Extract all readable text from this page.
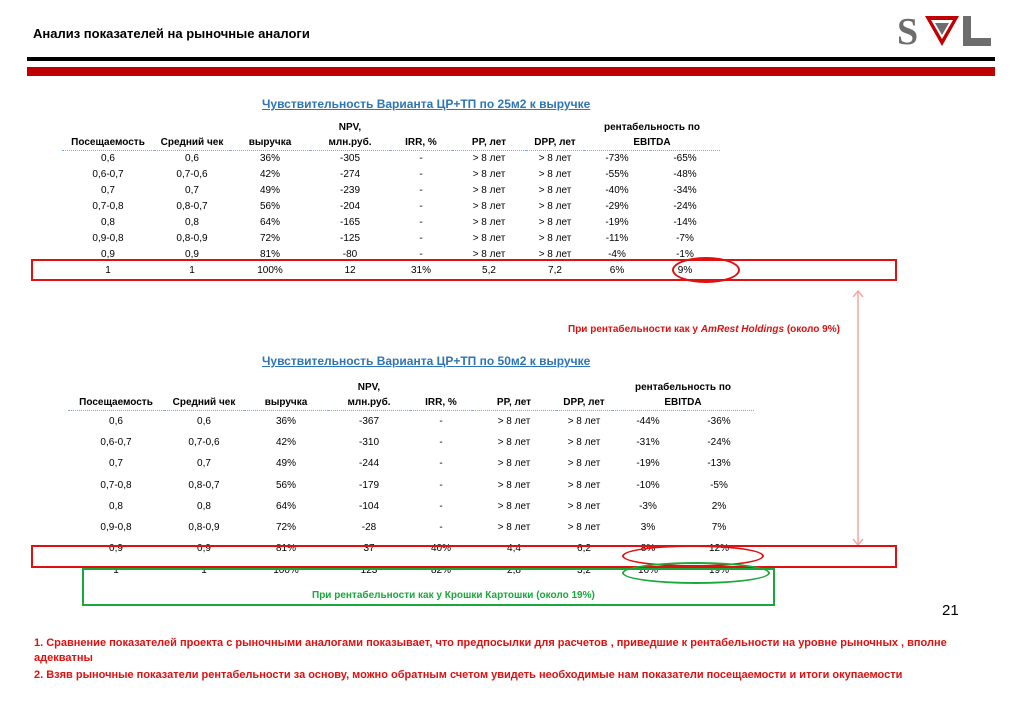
Анализ показателей на рыночные аналоги	S
Чувствительность Варианта ЦР+ТП по 25м2 к выручке
			NPV,				рентабельность по	
Посещаемость	Средний чек	выручка	млн.руб.	IRR, %	PP, лет	DPP, лет	EBITDA	
0,6	0,6	36%	-305	-	> 8 лет	> 8 лет	-73%	-65%
0,6-0,7	0,7-0,6	42%	-274	-	> 8 лет	> 8 лет	-55%	-48%
0,7	0,7	49%	-239	-	> 8 лет	> 8 лет	-40%	-34%
0,7-0,8	0,8-0,7	56%	-204	-	> 8 лет	> 8 лет	-29%	-24%
0,8	0,8	64%	-165	-	> 8 лет	> 8 лет	-19%	-14%
0,9-0,8	0,8-0,9	72%	-125	-	> 8 лет	> 8 лет	-11%	-7%
0,9	0,9	81%	-80	-	> 8 лет	> 8 лет	-4%	-1%
1	1	100%	12	31%	5,2	7,2	6%	9%
При рентабельности как у AmRest Holdings (около 9%)
Чувствительность Варианта ЦР+ТП по 50м2 к выручке
			NPV,				рентабельность по	
Посещаемость	Средний чек	выручка	млн.руб.	IRR, %	PP, лет	DPP, лет	EBITDA	
0,6	0,6	36%	-367	-	> 8 лет	> 8 лет	-44%	-36%
0,6-0,7	0,7-0,6	42%	-310	-	> 8 лет	> 8 лет	-31%	-24%
0,7	0,7	49%	-244	-	> 8 лет	> 8 лет	-19%	-13%
0,7-0,8	0,8-0,7	56%	-179	-	> 8 лет	> 8 лет	-10%	-5%
0,8	0,8	64%	-104	-	> 8 лет	> 8 лет	-3%	2%
0,9-0,8	0,8-0,9	72%	-28	-	> 8 лет	> 8 лет	3%	7%
0,9	0,9	81%	37	40%	4,4	6,2	8%	12%
1	1	100%	123	82%	2,8	3,2	16%	19%
При рентабельности как у Крошки Картошки (около 19%)
21
1. Сравнение показателей проекта с рыночными аналогами показывает, что предпосылки для расчетов , приведшие к рентабельности на уровне рыночных , вполне адекватны
2. Взяв рыночные показатели рентабельности за основу, можно обратным счетом увидеть необходимые нам показатели посещаемости и итоги окупаемости
